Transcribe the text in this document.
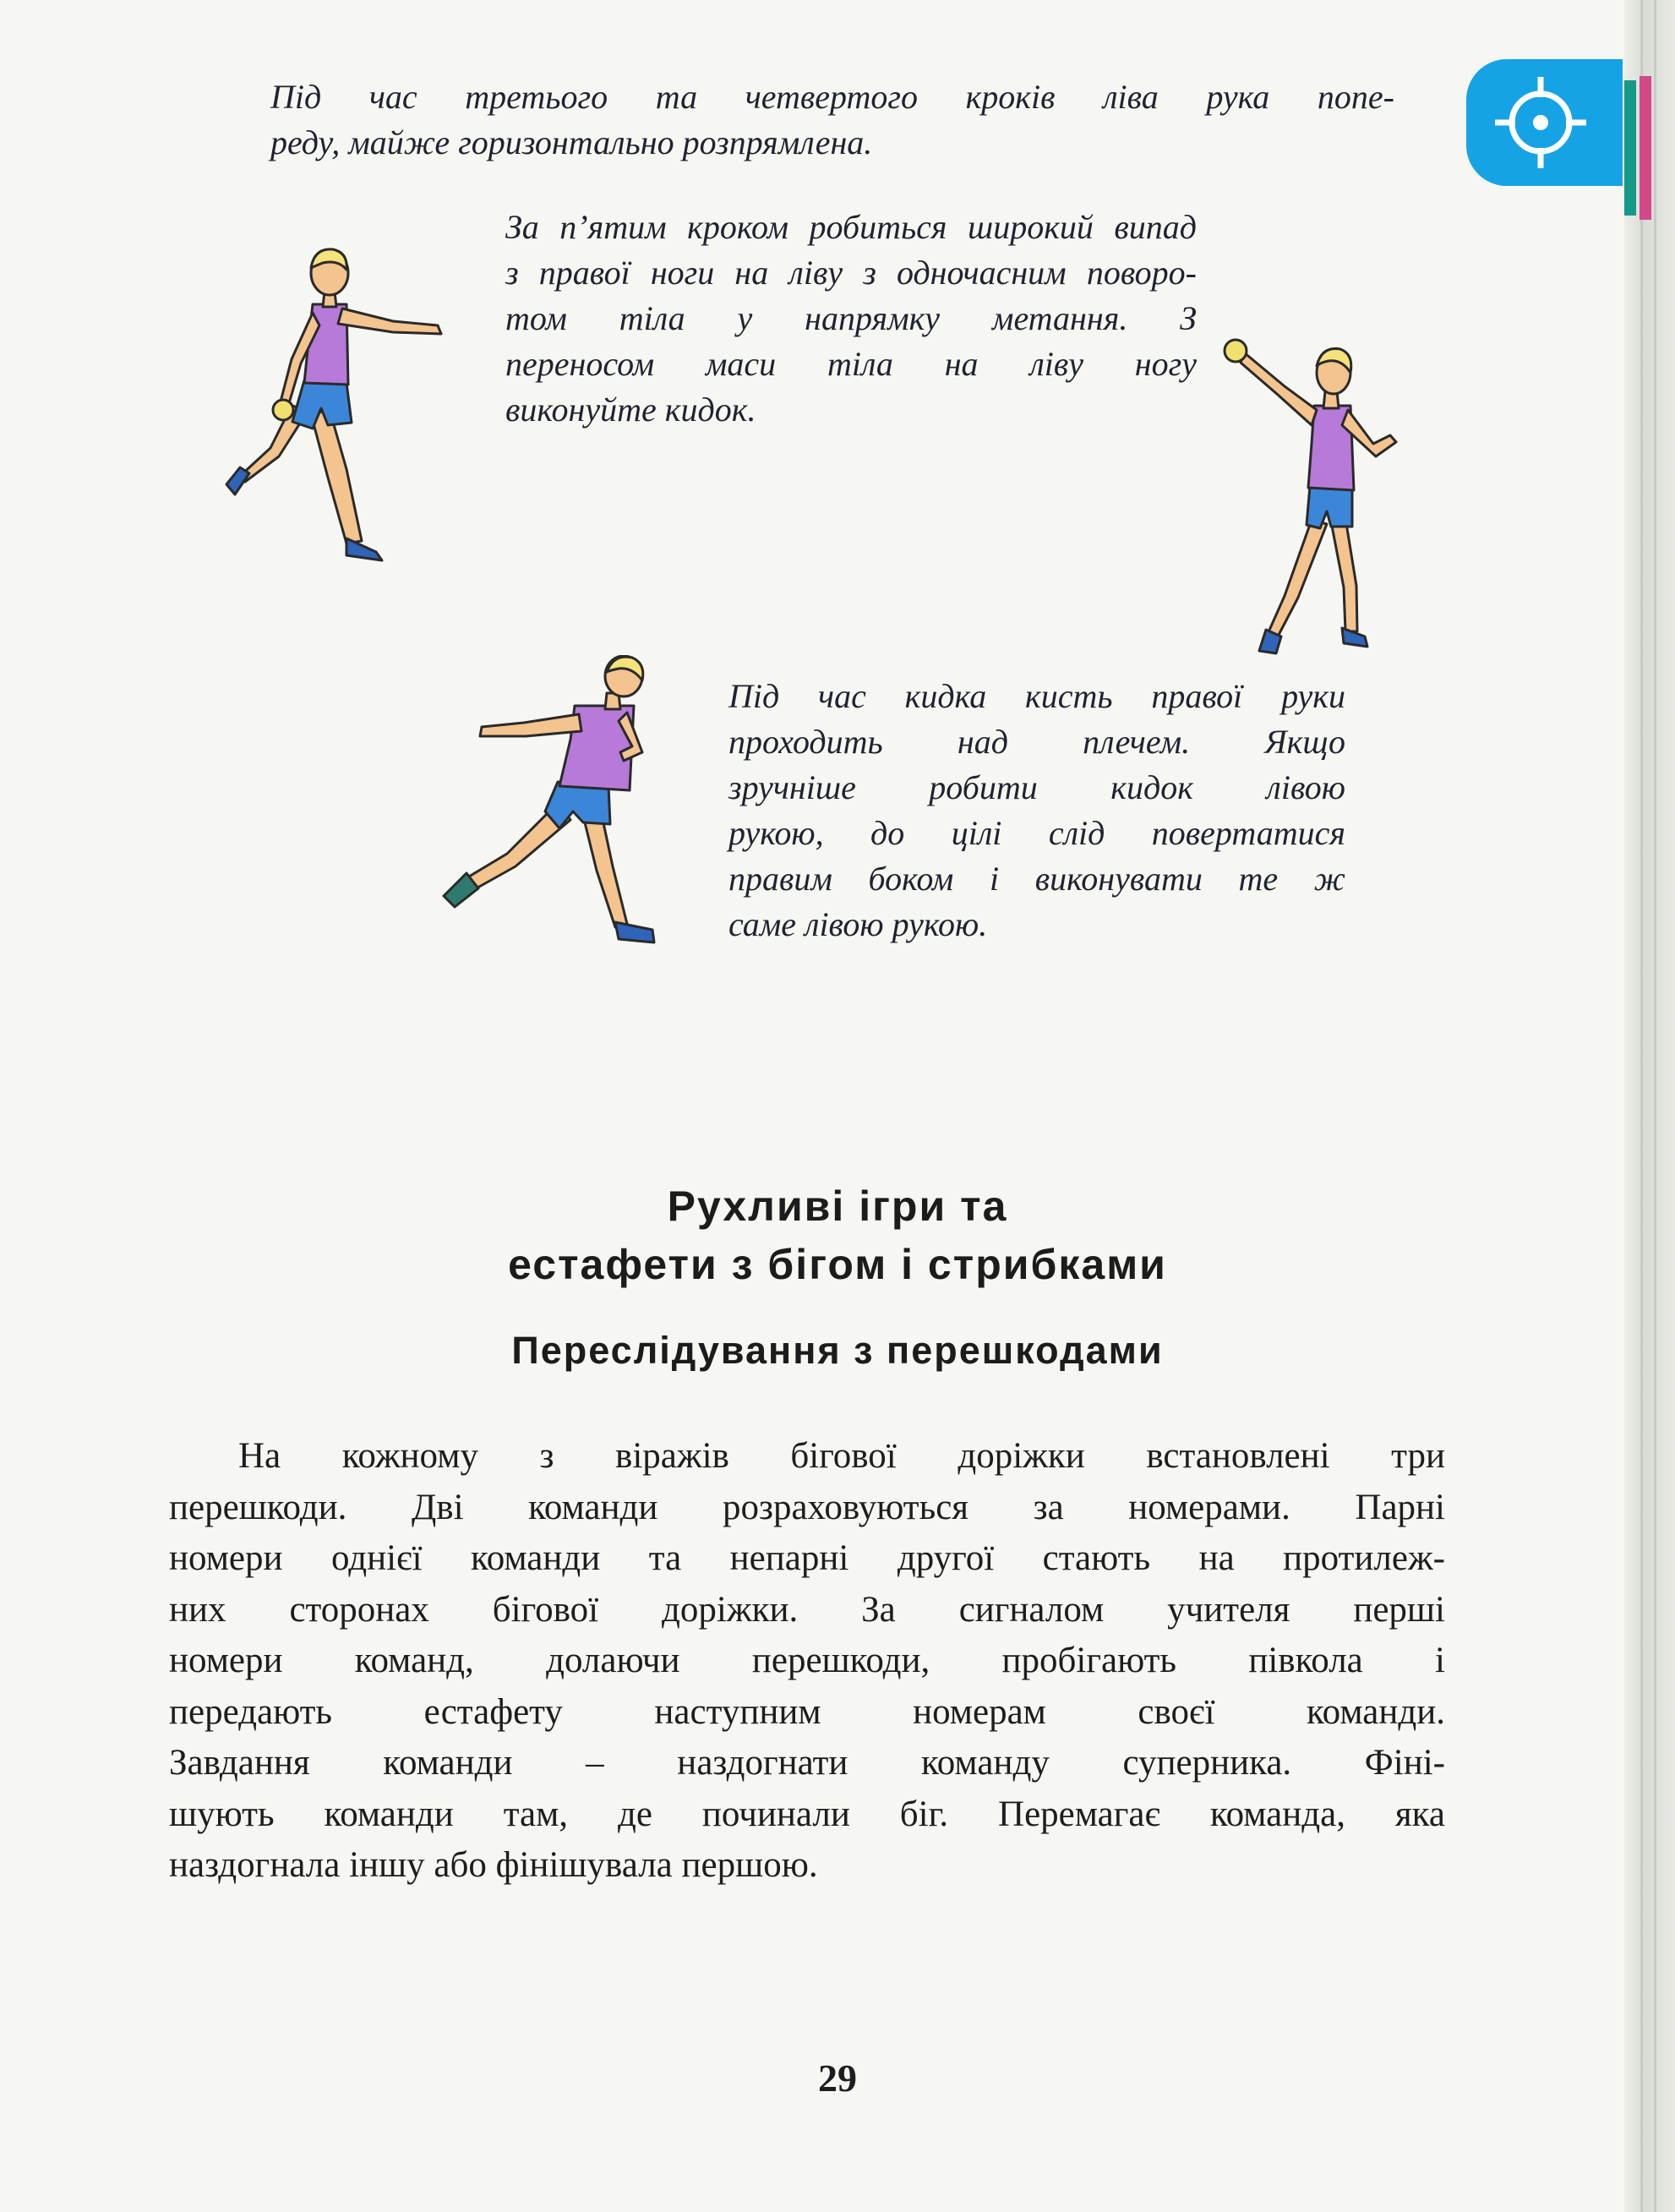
Під час третього та четвертого кроків ліва рука попе-
реду, майже горизонтально розпрямлена.
За п’ятим кроком робиться широкий випад
з правої ноги на ліву з одночасним поворо-
том тіла у напрямку метання. З
переносом маси тіла на ліву ногу
виконуйте кидок.
Під час кидка кисть правої руки
проходить над плечем. Якщо
зручніше робити кидок лівою
рукою, до цілі слід повертатися
правим боком і виконувати те ж
саме лівою рукою.
Рухливі ігри та
естафети з бігом і стрибками
Переслідування з перешкодами

На кожному з віражів бігової доріжки встановлені три
перешкоди. Дві команди розраховуються за номерами. Парні
номери однієї команди та непарні другої стають на протилеж-
них сторонах бігової доріжки. За сигналом учителя перші
номери команд, долаючи перешкоди, пробігають півкола і
передають естафету наступним номерам своєї команди.
Завдання команди – наздогнати команду суперника. Фіні-
шують команди там, де починали біг. Перемагає команда, яка
наздогнала іншу або фінішувала першою.

29
